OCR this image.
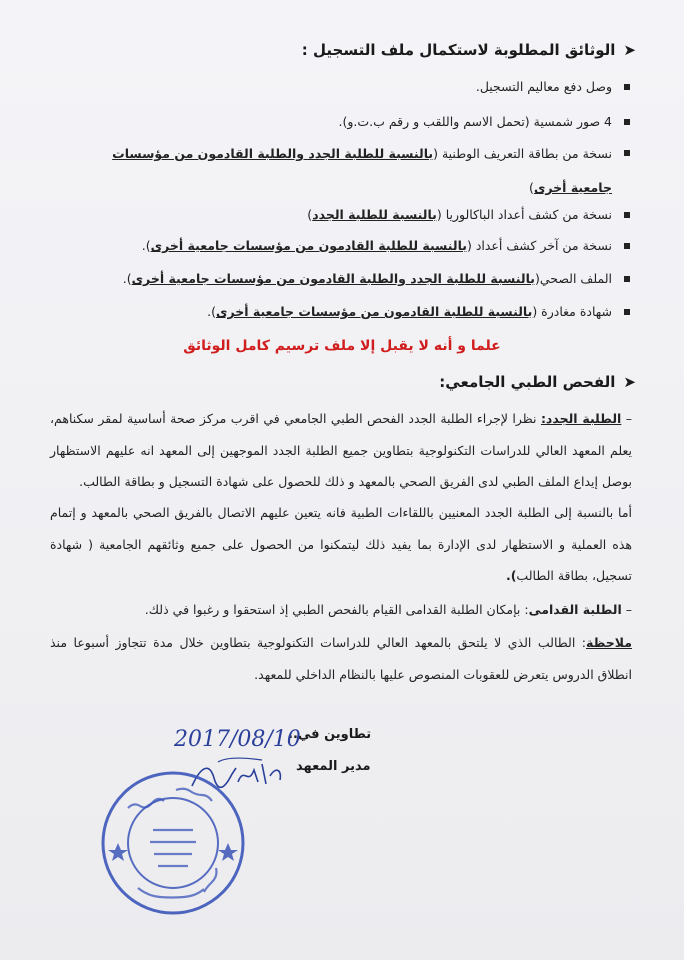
➤الوثائق المطلوبة لاستكمال ملف التسجيل :
وصل دفع معاليم التسجيل.
4 صور شمسية (تحمل الاسم واللقب و رقم ب.ت.و).
نسخة من بطاقة التعريف الوطنية (بالنسبة للطلبة الجدد والطلبة القادمون من مؤسسات
جامعية أخرى)
نسخة من كشف أعداد الباكالوريا (بالنسبة للطلبة الجدد)
نسخة من آخر كشف أعداد (بالنسبة للطلبة القادمون من مؤسسات جامعية أخرى).
الملف الصحي(بالنسبة للطلبة الجدد والطلبة القادمون من مؤسسات جامعية أخرى).
شهادة مغادرة (بالنسبة للطلبة القادمون من مؤسسات جامعية أخرى).
علما و أنه لا يقبل إلا ملف ترسيم كامل الوثائق
➤الفحص الطبي الجامعي:
– الطلبة الجدد: نظرا لإجراء الطلبة الجدد الفحص الطبي الجامعي في اقرب مركز صحة أساسية لمقر سكناهم، يعلم المعهد العالي للدراسات التكنولوجية بتطاوين جميع الطلبة الجدد الموجهين إلى المعهد انه عليهم الاستظهار بوصل إيداع الملف الطبي لدى الفريق الصحي بالمعهد و ذلك للحصول على شهادة التسجيل و بطاقة الطالب.
أما بالنسبة إلى الطلبة الجدد المعنيين باللقاءات الطبية فانه يتعين عليهم الاتصال بالفريق الصحي بالمعهد و إتمام هذه العملية و الاستظهار لدى الإدارة بما يفيد ذلك ليتمكنوا من الحصول على جميع وثائقهم الجامعية ( شهادة تسجيل، بطاقة الطالب).
– الطلبة القدامى: بإمكان الطلبة القدامى القيام بالفحص الطبي إذ استحقوا و رغبوا في ذلك.
ملاحظة: الطالب الذي لا يلتحق بالمعهد العالي للدراسات التكنولوجية بتطاوين خلال مدة تتجاوز أسبوعا منذ انطلاق الدروس يتعرض للعقوبات المنصوص عليها بالنظام الداخلي للمعهد.
تطاوين في..
2017/08/10
مدير المعهد
